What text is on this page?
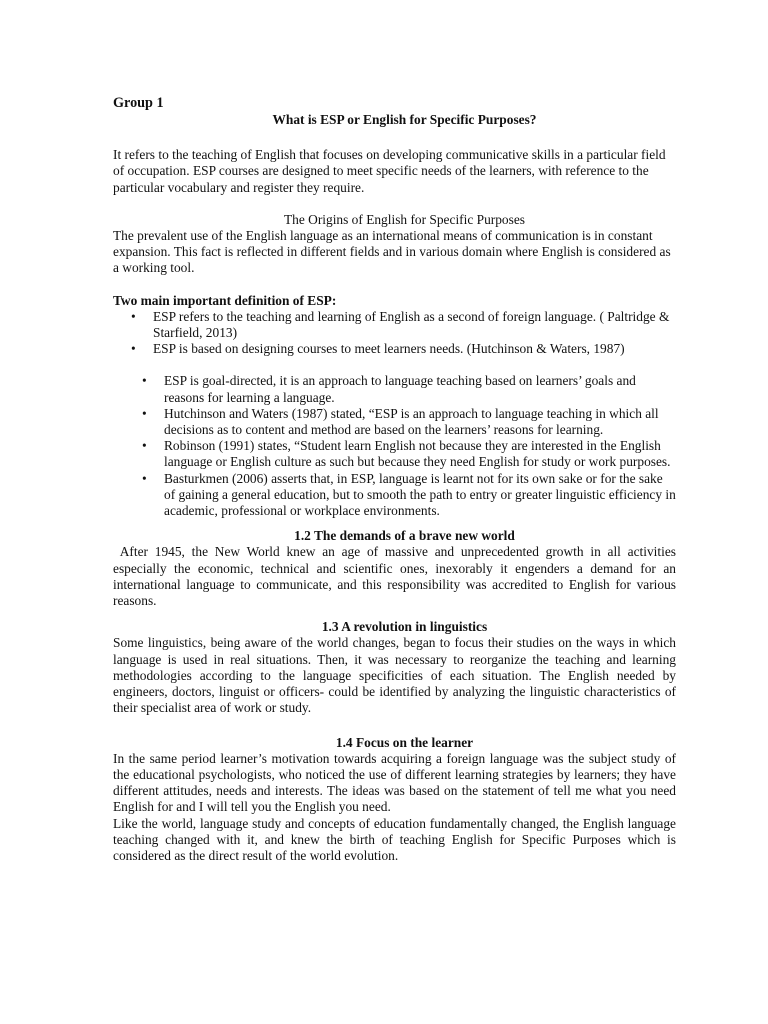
Group 1
What is ESP or English for Specific Purposes?

It refers to the teaching of English that focuses on developing communicative skills in a particular field of occupation. ESP courses are designed to meet specific needs of the learners, with reference to the particular vocabulary and register they require.

The Origins of English for Specific Purposes

The prevalent use of the English language as an international means of communication is in constant expansion. This fact is reflected in different fields and in various domain where English is considered as a working tool.

Two main important definition of ESP:

• ESP refers to the teaching and learning of English as a second of foreign language. ( Paltridge & Starfield, 2013)
• ESP is based on designing courses to meet learners needs. (Hutchinson & Waters, 1987)
• ESP is goal-directed, it is an approach to language teaching based on learners’ goals and reasons for learning a language.
• Hutchinson and Waters (1987) stated, “ESP is an approach to language teaching in which all decisions as to content and method are based on the learners’ reasons for learning.
• Robinson (1991) states, “Student learn English not because they are interested in the English language or English culture as such but because they need English for study or work purposes.
• Basturkmen (2006) asserts that, in ESP, language is learnt not for its own sake or for the sake of gaining a general education, but to smooth the path to entry or greater linguistic efficiency in academic, professional or workplace environments.

1.2 The demands of a brave new world

After 1945, the New World knew an age of massive and unprecedented growth in all activities especially the economic, technical and scientific ones, inexorably it engenders a demand for an international language to communicate, and this responsibility was accredited to English for various reasons.

1.3 A revolution in linguistics

Some linguistics, being aware of the world changes, began to focus their studies on the ways in which language is used in real situations. Then, it was necessary to reorganize the teaching and learning methodologies according to the language specificities of each situation. The English needed by engineers, doctors, linguist or officers- could be identified by analyzing the linguistic characteristics of their specialist area of work or study.

1.4 Focus on the learner

In the same period learner’s motivation towards acquiring a foreign language was the subject study of the educational psychologists, who noticed the use of different learning strategies by learners; they have different attitudes, needs and interests. The ideas was based on the statement of tell me what you need English for and I will tell you the English you need.

Like the world, language study and concepts of education fundamentally changed, the English language teaching changed with it, and knew the birth of teaching English for Specific Purposes which is considered as the direct result of the world evolution.
